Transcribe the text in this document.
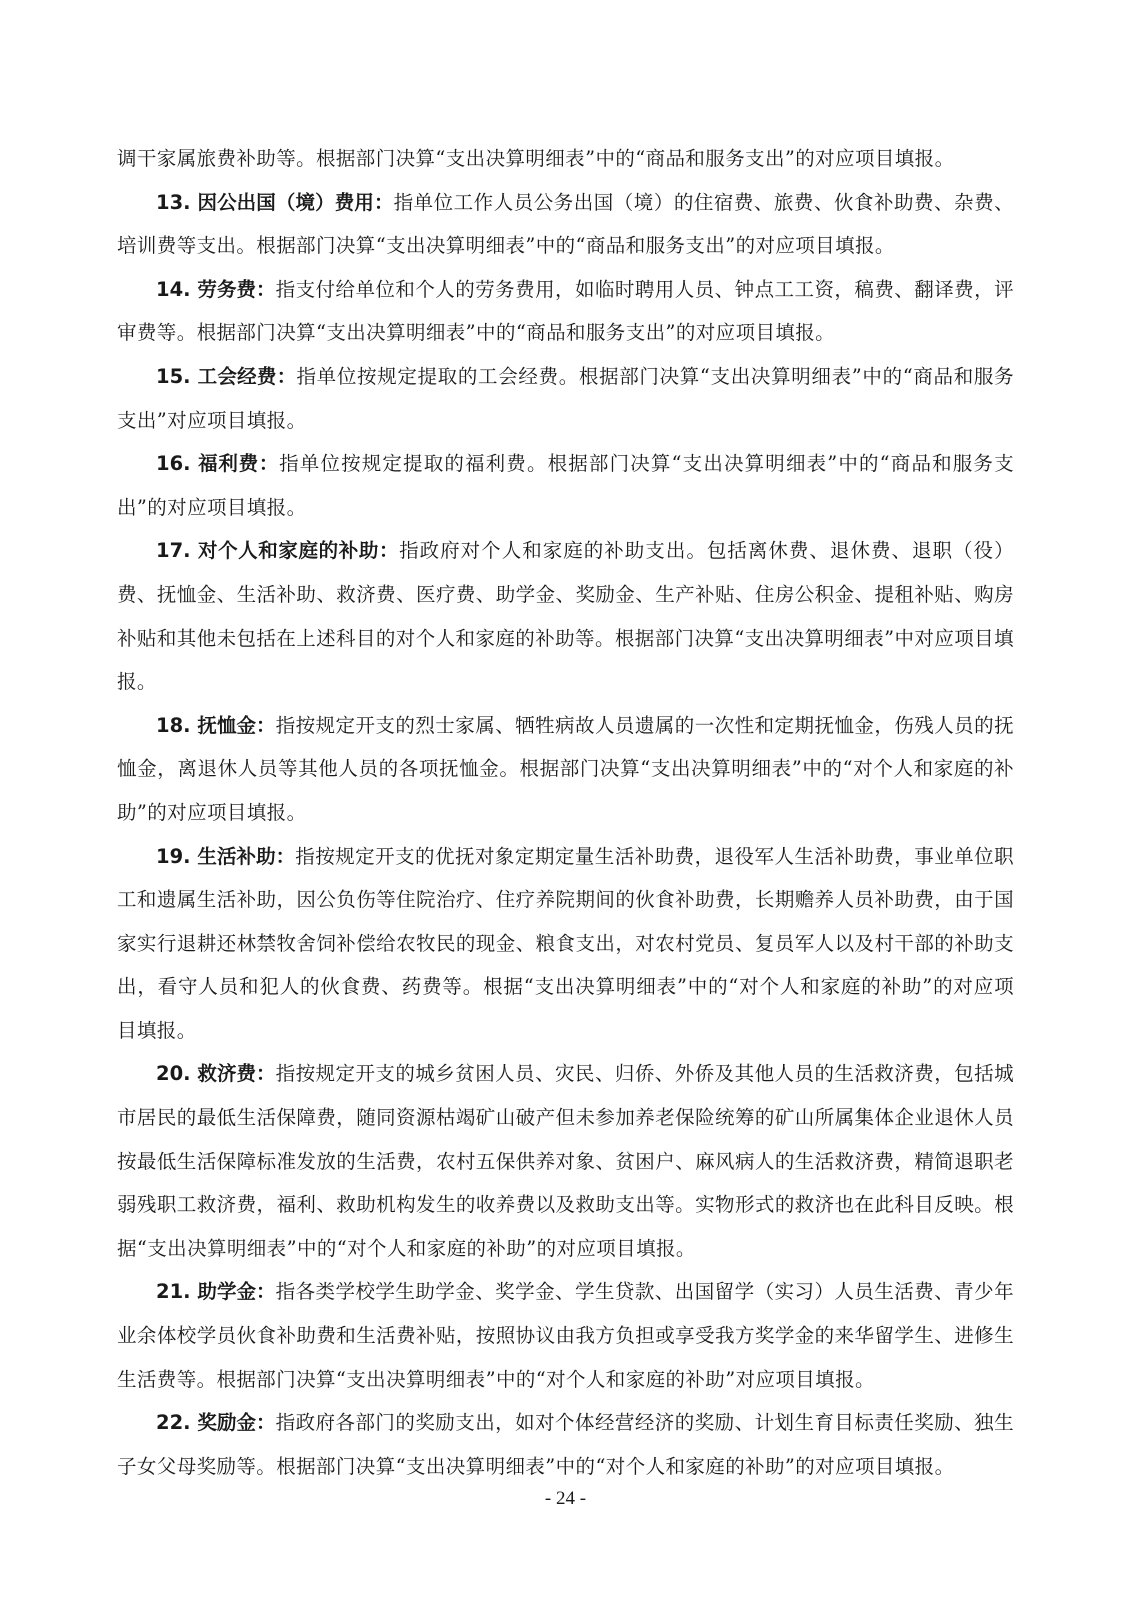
调干家属旅费补助等。根据部门决算“支出决算明细表”中的“商品和服务支出”的对应项目填报。

13. 因公出国（境）费用：指单位工作人员公务出国（境）的住宿费、旅费、伙食补助费、杂费、培训费等支出。根据部门决算“支出决算明细表”中的“商品和服务支出”的对应项目填报。

14. 劳务费：指支付给单位和个人的劳务费用，如临时聘用人员、钟点工工资，稿费、翻译费，评审费等。根据部门决算“支出决算明细表”中的“商品和服务支出”的对应项目填报。

15. 工会经费：指单位按规定提取的工会经费。根据部门决算“支出决算明细表”中的“商品和服务支出”对应项目填报。

16. 福利费：指单位按规定提取的福利费。根据部门决算“支出决算明细表”中的“商品和服务支出”的对应项目填报。

17. 对个人和家庭的补助：指政府对个人和家庭的补助支出。包括离休费、退休费、退职（役）费、抚恤金、生活补助、救济费、医疗费、助学金、奖励金、生产补贴、住房公积金、提租补贴、购房补贴和其他未包括在上述科目的对个人和家庭的补助等。根据部门决算“支出决算明细表”中对应项目填报。

18. 抚恤金：指按规定开支的烈士家属、牺牲病故人员遗属的一次性和定期抚恤金，伤残人员的抚恤金，离退休人员等其他人员的各项抚恤金。根据部门决算“支出决算明细表”中的“对个人和家庭的补助”的对应项目填报。

19. 生活补助：指按规定开支的优抚对象定期定量生活补助费，退役军人生活补助费，事业单位职工和遗属生活补助，因公负伤等住院治疗、住疗养院期间的伙食补助费，长期赡养人员补助费，由于国家实行退耕还林禁牧舍饲补偿给农牧民的现金、粮食支出，对农村党员、复员军人以及村干部的补助支出，看守人员和犯人的伙食费、药费等。根据“支出决算明细表”中的“对个人和家庭的补助”的对应项目填报。

20. 救济费：指按规定开支的城乡贫困人员、灾民、归侨、外侨及其他人员的生活救济费，包括城市居民的最低生活保障费，随同资源枯竭矿山破产但未参加养老保险统筹的矿山所属集体企业退休人员按最低生活保障标准发放的生活费，农村五保供养对象、贫困户、麻风病人的生活救济费，精简退职老弱残职工救济费，福利、救助机构发生的收养费以及救助支出等。实物形式的救济也在此科目反映。根据“支出决算明细表”中的“对个人和家庭的补助”的对应项目填报。

21. 助学金：指各类学校学生助学金、奖学金、学生贷款、出国留学（实习）人员生活费、青少年业余体校学员伙食补助费和生活费补贴，按照协议由我方负担或享受我方奖学金的来华留学生、进修生生活费等。根据部门决算“支出决算明细表”中的“对个人和家庭的补助”对应项目填报。

22. 奖励金：指政府各部门的奖励支出，如对个体经营经济的奖励、计划生育目标责任奖励、独生子女父母奖励等。根据部门决算“支出决算明细表”中的“对个人和家庭的补助”的对应项目填报。

- 24 -
